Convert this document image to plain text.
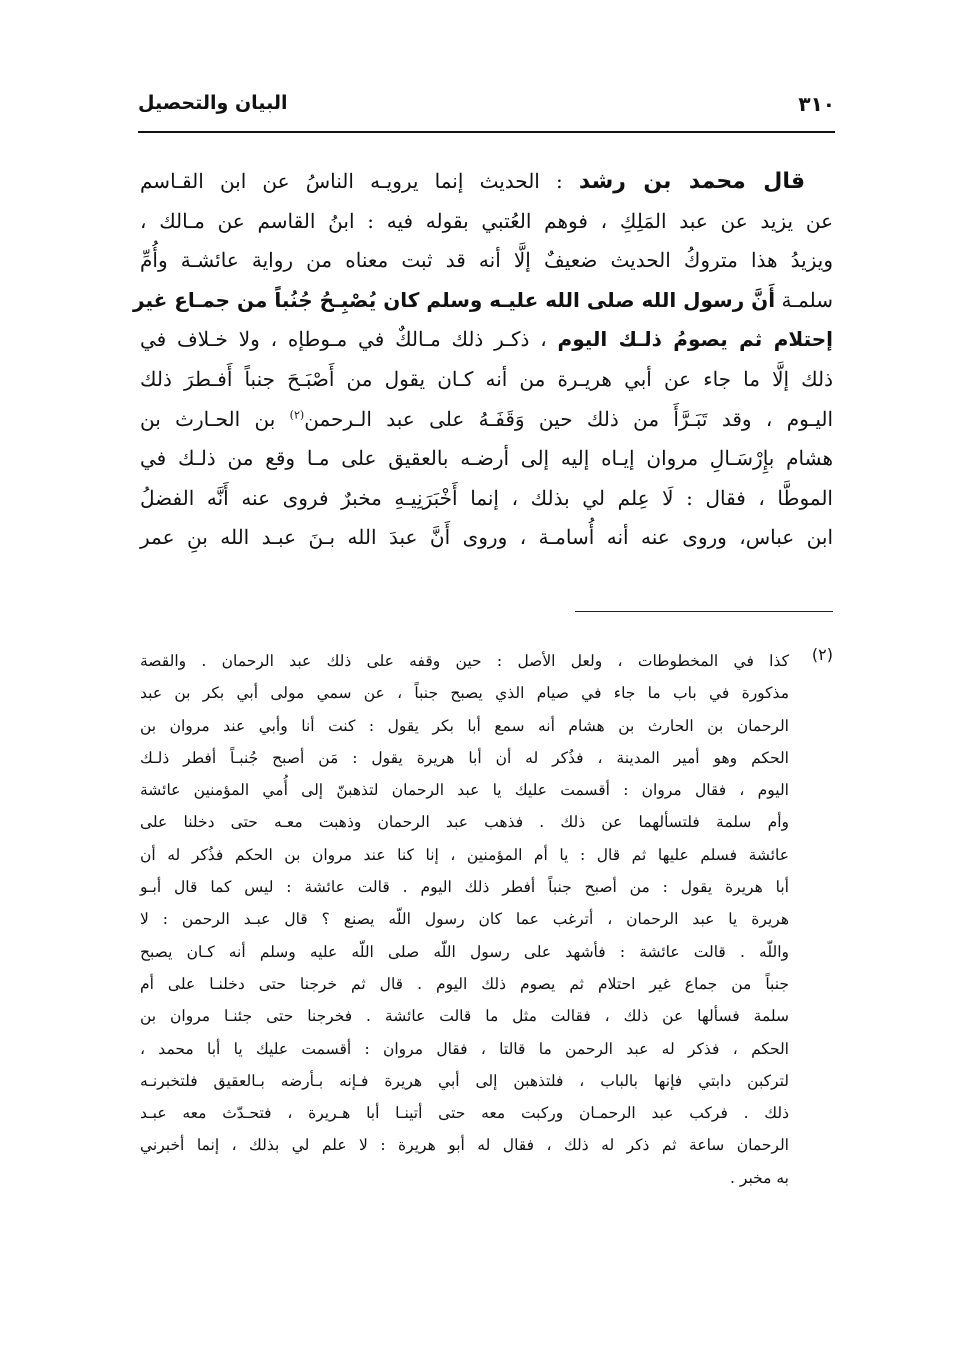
٣١٠
البيان والتحصيل
قال محمد بن رشد : الحديث إنما يرويـه الناسُ عن ابن القـاسم
عن يزيد عن عبد المَلِكِ ، فوهم العُتبي بقوله فيه : ابنُ القاسم عن مـالك ،
ويزيدُ هذا متروكُ الحديث ضعيفٌ إلَّا أنه قد ثبت معناه من رواية عائشـة وأُمِّ
سلمـة أَنَّ رسول الله صلى الله عليـه وسلم كان يُصْبِـحُ جُنُباً من جمـاع غير
إحتلام ثم يصومُ ذلـك اليوم ، ذكـر ذلك مـالكٌ في مـوطإه ، ولا خـلاف في
ذلك إلَّا ما جاء عن أبي هريـرة من أنه كـان يقول من أَصْبَـحَ جنباً أَفـطرَ ذلك
اليـوم ، وقد تَبَـرَّأَ من ذلك حين وَقَفَـهُ على عبد الـرحمن$^{(٢)}$ بن الحـارث بن
هشام بإِرْسَـالِ مروان إيـاه إليه إلى أرضـه بالعقيق على مـا وقع من ذلـك في
الموطَّا ، فقال : لَا عِلم لي بذلك ، إنما أَخْبَرَنِيـهِ مخبرٌ فروى عنه أَنَّه الفضلُ
ابن عباس، وروى عنه أنه أُسامـة ، وروى أَنَّ عبدَ الله بـنَ عبـد الله بنِ عمر
(٢)
كذا في المخطوطات ، ولعل الأصل : حين وقفه على ذلك عبد الرحمان . والقصة
مذكورة في باب ما جاء في صيام الذي يصبح جنباً ، عن سمي مولى أبي بكر بن عبد
الرحمان بن الحارث بن هشام أنه سمع أبا بكر يقول : كنت أنا وأبي عند مروان بن
الحكم وهو أمير المدينة ، فذُكر له أن أبا هريرة يقول : مَن أصبح جُنبـاً أفطر ذلـك
اليوم ، فقال مروان : أقسمت عليك يا عبد الرحمان لتذهبنّ إلى أُمي المؤمنين عائشة
وأم سلمة فلتسألهما عن ذلك . فذهب عبد الرحمان وذهبت معـه حتى دخلنا على
عائشة فسلم عليها ثم قال : يا أم المؤمنين ، إنا كنا عند مروان بن الحكم فذُكر له أن
أبا هريرة يقول : من أصبح جنباً أفطر ذلك اليوم . قالت عائشة : ليس كما قال أبـو
هريرة يا عبد الرحمان ، أترغب عما كان رسول اللّه يصنع ؟ قال عبـد الرحمن : لا
واللّه . قالت عائشة : فأشهد على رسول اللّه صلى اللّه عليه وسلم أنه كـان يصبح
جنباً من جماع غير احتلام ثم يصوم ذلك اليوم . قال ثم خرجنا حتى دخلنـا على أم
سلمة فسألها عن ذلك ، فقالت مثل ما قالت عائشة . فخرجنا حتى جئنـا مروان بن
الحكم ، فذكر له عبد الرحمن ما قالتا ، فقال مروان : أقسمت عليك يا أبا محمد ،
لتركبن دابتي فإنها بالباب ، فلتذهبن إلى أبي هريرة فـإنه بـأرضه بـالعقيق فلتخبرنـه
ذلك . فركب عبد الرحمـان وركبت معه حتى أتينـا أبا هـريرة ، فتحـدّث معه عبـد
الرحمان ساعة ثم ذكر له ذلك ، فقال له أبو هريرة : لا علم لي بذلك ، إنما أخبرني
به مخبر .
